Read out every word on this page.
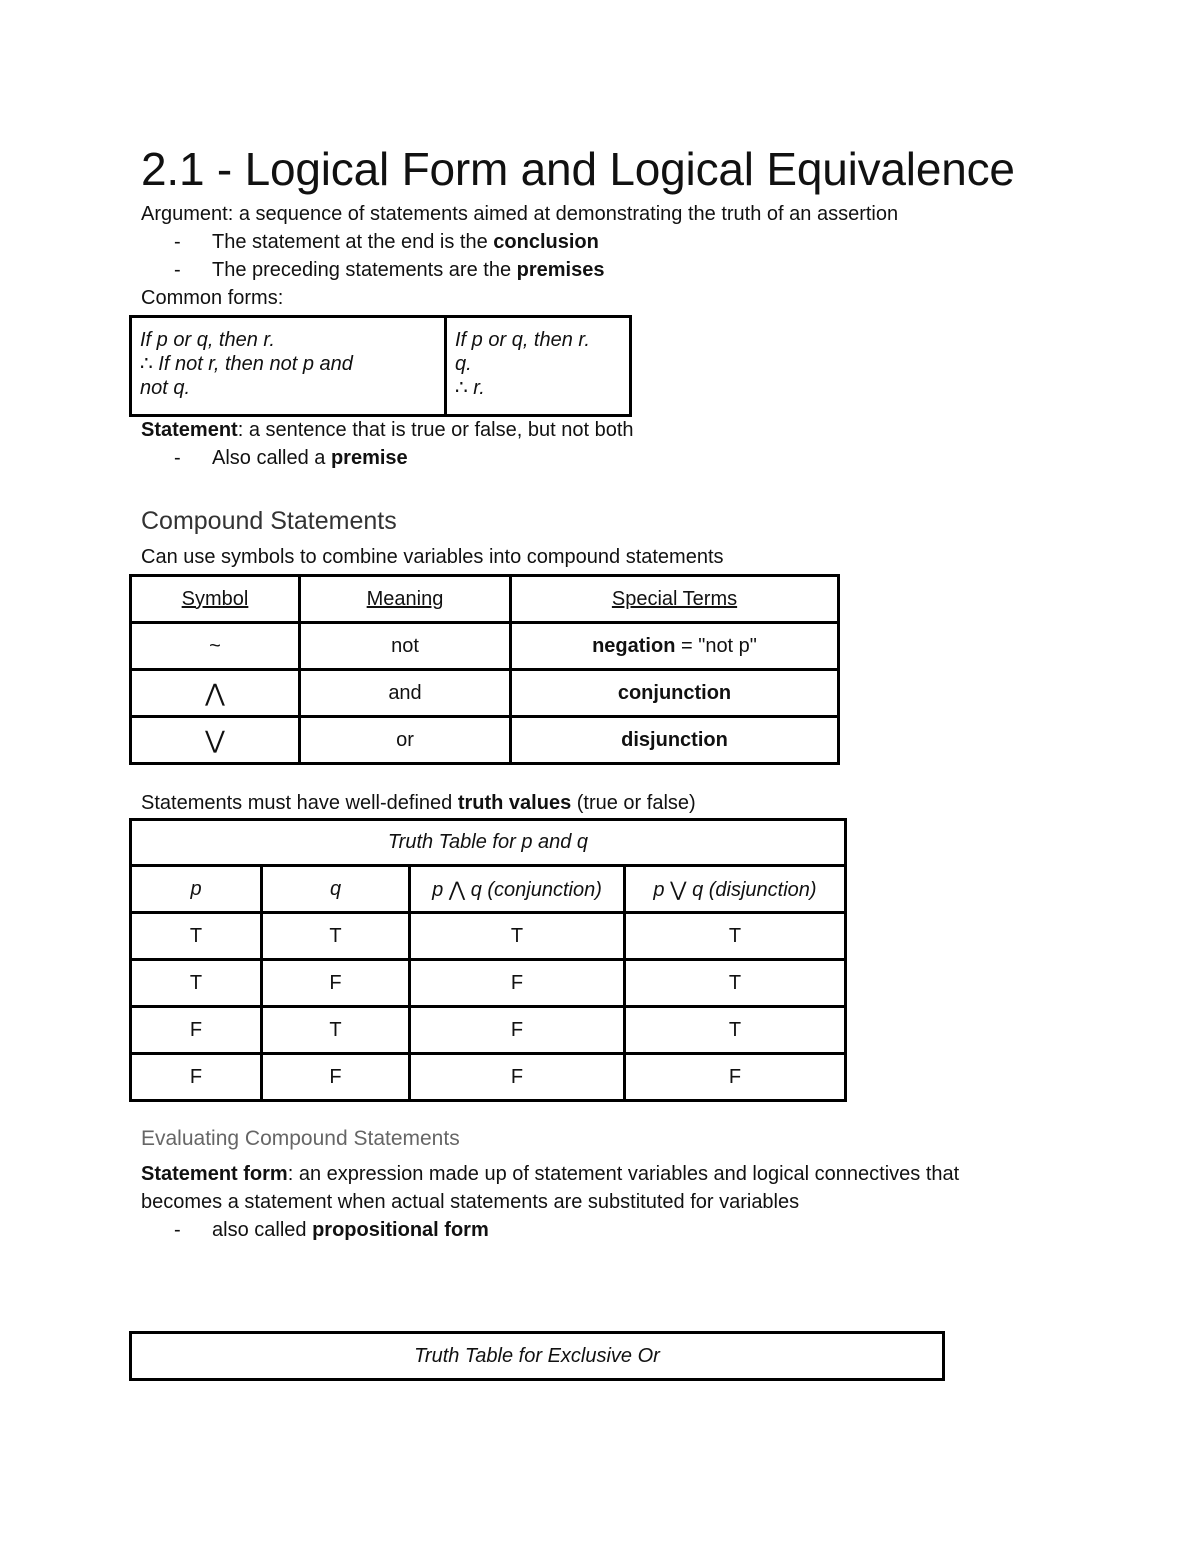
2.1 - Logical Form and Logical Equivalence
Argument: a sequence of statements aimed at demonstrating the truth of an assertion
- The statement at the end is the conclusion
- The preceding statements are the premises
Common forms:
If p or q, then r.
∴ If not r, then not p and
not q.

If p or q, then r.
q.
∴ r.
Statement: a sentence that is true or false, but not both
- Also called a premise
Compound Statements
Can use symbols to combine variables into compound statements
Symbol	Meaning	Special Terms
~	not	negation = "not p"
⋀	and	conjunction
⋁	or	disjunction
Statements must have well-defined truth values (true or false)
Truth Table for p and q			
p	q	p ⋀ q (conjunction)	p ⋁ q (disjunction)
T	T	T	T
T	F	F	T
F	T	F	T
F	F	F	F
Evaluating Compound Statements
Statement form: an expression made up of statement variables and logical connectives that
becomes a statement when actual statements are substituted for variables
- also called propositional form
Truth Table for Exclusive Or
